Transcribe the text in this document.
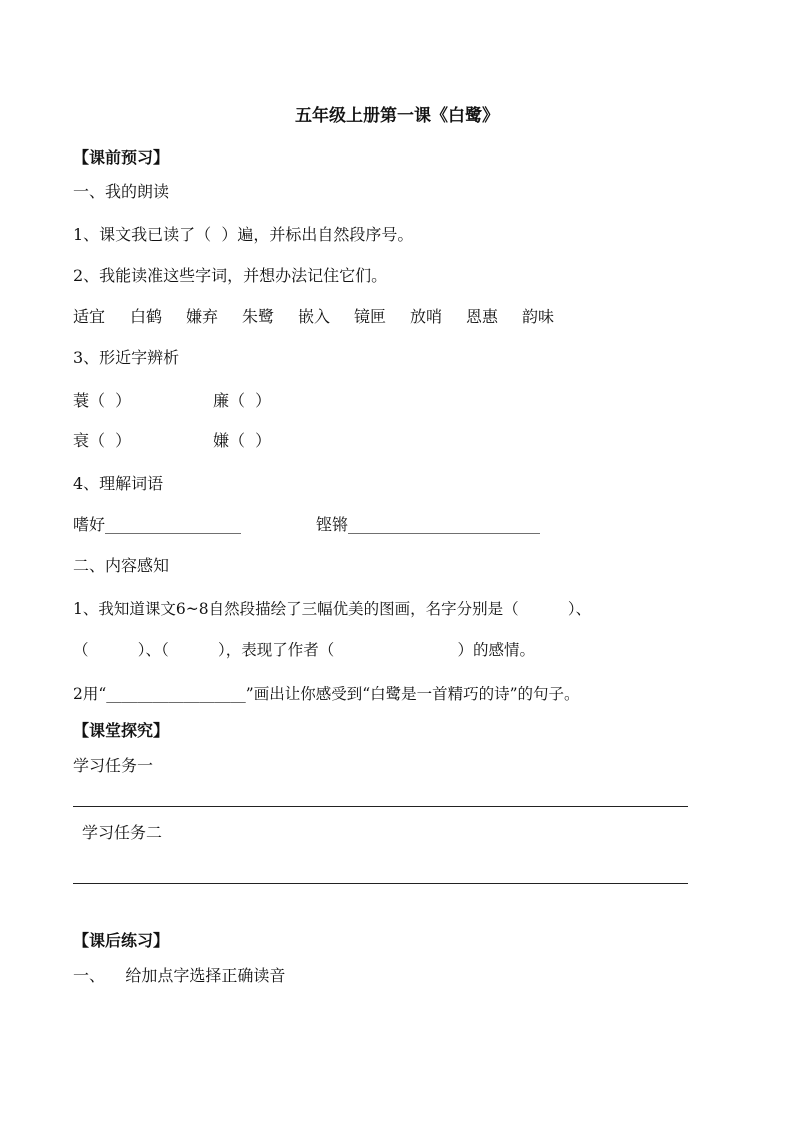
五年级上册第一课《白鹭》
【课前预习】
一、我的朗读
1、课文我已读了（  ）遍，并标出自然段序号。
2、我能读准这些字词，并想办法记住它们。
适宜 白鹤 嫌弃 朱鹭 嵌入 镜匣 放哨 恩惠 韵味
3、形近字辨析
蓑（  ）	廉（  ）
衰（  ）	嫌（  ）
4、理解词语
嗜好_________________	铿锵________________________
二、内容感知
1、我知道课文6~8自然段描绘了三幅优美的图画，名字分别是（          ）、
（          ）、（          ），表现了作者（                         ）的感情。
2用“__________________”画出让你感受到“白鹭是一首精巧的诗”的句子。
【课堂探究】
学习任务一
学习任务二
【课后练习】
一、    给加点字选择正确读音
